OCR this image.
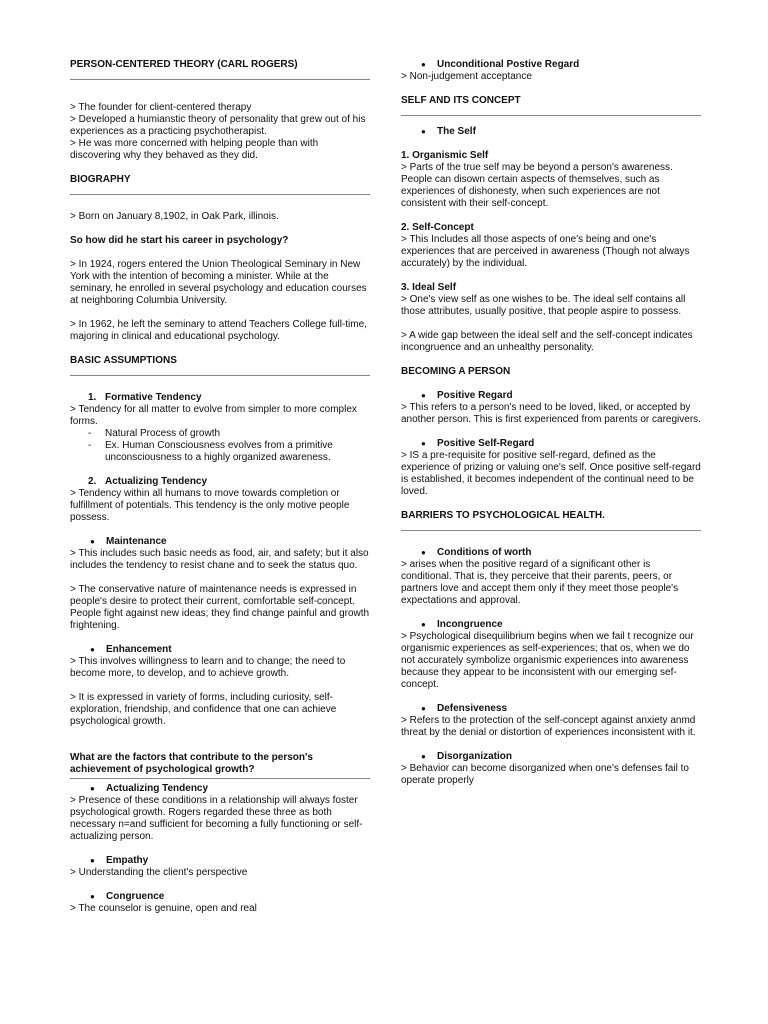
PERSON-CENTERED THEORY (CARL ROGERS)

> The founder for client-centered therapy

> Developed a humianstic theory of personality that grew out of his experiences as a practicing psychotherapist.

> He was more concerned with helping people than with discovering why they behaved as they did.

BIOGRAPHY

> Born on January 8,1902, in Oak Park, illinois.

So how did he start his career in psychology?

> In 1924, rogers entered the Union Theological Seminary in New York with the intention of becoming a minister. While at the seminary, he enrolled in several psychology and education courses at neighboring Columbia University.

> In 1962, he left the seminary to attend Teachers College full-time, majoring in clinical and educational psychology.

BASIC ASSUMPTIONS

1. Formative Tendency

> Tendency for all matter to evolve from simpler to more complex forms.

- Natural Process of growth

- Ex. Human Consciousness evolves from a primitive unconsciousness to a highly organized awareness.

2. Actualizing Tendency

> Tendency within all humans to move towards completion or fulfillment of potentials. This tendency is the only motive people possess.

● Maintenance

> This includes such basic needs as food, air, and safety; but it also includes the tendency to resist chane and to seek the status quo.

> The conservative nature of maintenance needs is expressed in people's desire to protect their current, comfortable self-concept. People fight against new ideas; they find change painful and growth frightening.

● Enhancement

> This involves willingness to learn and to change; the need to become more, to develop, and to achieve growth.

> It is expressed in variety of forms, including curiosity, self-exploration, friendship, and confidence that one can achieve psychological growth.

What are the factors that contribute to the person's achievement of psychological growth?

● Actualizing Tendency

> Presence of these conditions in a relationship will always foster psychological growth. Rogers regarded these three as both necessary n=and sufficient for becoming a fully functioning or self-actualizing person.

● Empathy

> Understanding the client's perspective

● Congruence

> The counselor is genuine, open and real

● Unconditional Postive Regard

> Non-judgement acceptance

SELF AND ITS CONCEPT

● The Self

1. Organismic Self

> Parts of the true self may be beyond a person's awareness. People can disown certain aspects of themselves, such as experiences of dishonesty, when such experiences are not consistent with their self-concept.

2. Self-Concept

> This Includes all those aspects of one's being and one's experiences that are perceived in awareness (Though not always accurately) by the individual.

3. Ideal Self

> One's view self as one wishes to be. The ideal self contains all those attributes, usually positive, that people aspire to possess.

> A wide gap between the ideal self and the self-concept indicates incongruence and an unhealthy personality.

BECOMING A PERSON

● Positive Regard

> This refers to a person's need to be loved, liked, or accepted by another person. This is first experienced from parents or caregivers.

● Positive Self-Regard

> IS a pre-requisite for positive self-regard, defined as the experience of prizing or valuing one's self. Once positive self-regard is established, it becomes independent of the continual need to be loved.

BARRIERS TO PSYCHOLOGICAL HEALTH.

● Conditions of worth

> arises when the positive regard of a significant other is conditional. That is, they perceive that their parents, peers, or partners love and accept them only if they meet those people's expectations and approval.

● Incongruence

> Psychological disequilibrium begins when we fail t recognize our organismic experiences as self-experiences; that os, when we do not accurately symbolize organismic experiences into awareness because they appear to be inconsistent with our emerging sef-concept.

● Defensiveness

> Refers to the protection of the self-concept against anxiety anmd threat by the denial or distortion of experiences inconsistent with it.

● Disorganization

> Behavior can become disorganized when one's defenses fail to operate properly
